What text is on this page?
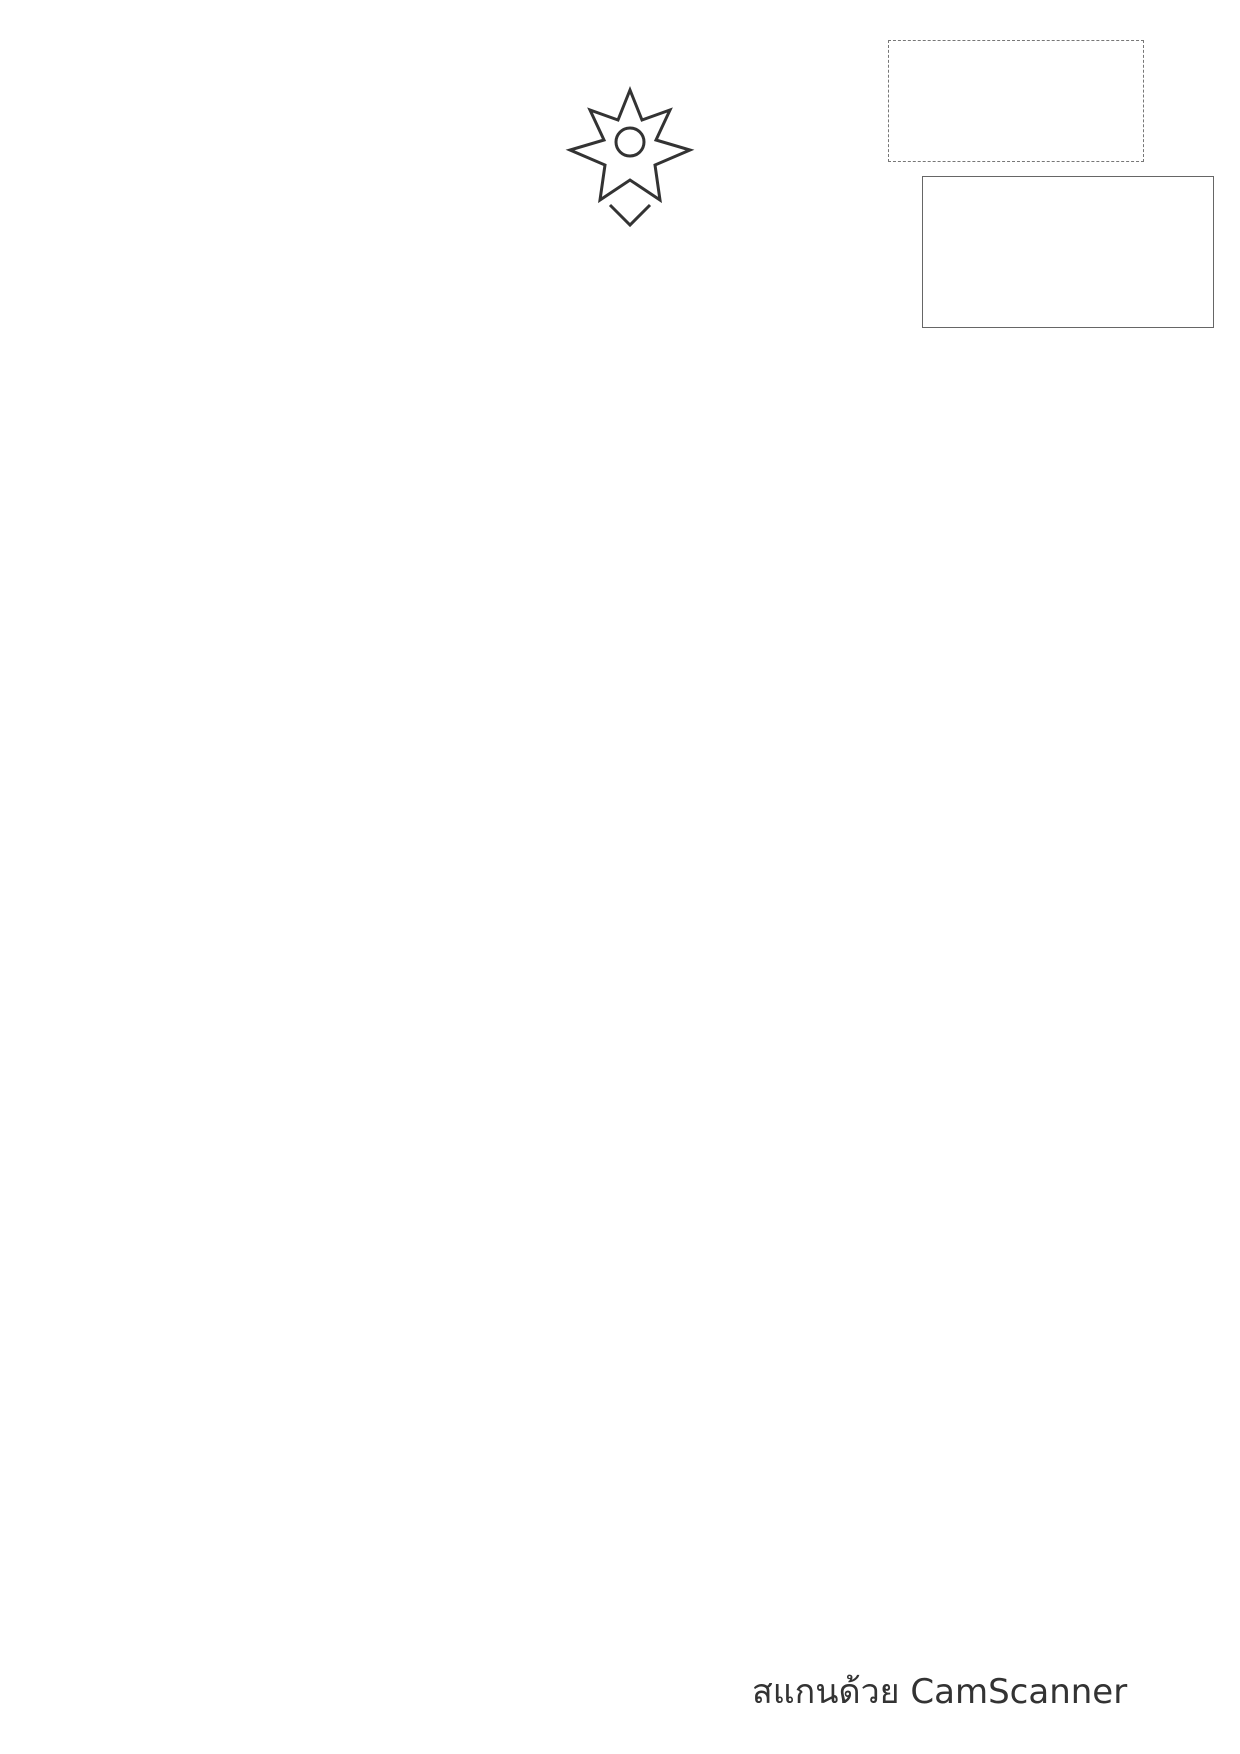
สแกนด้วย CamScanner
